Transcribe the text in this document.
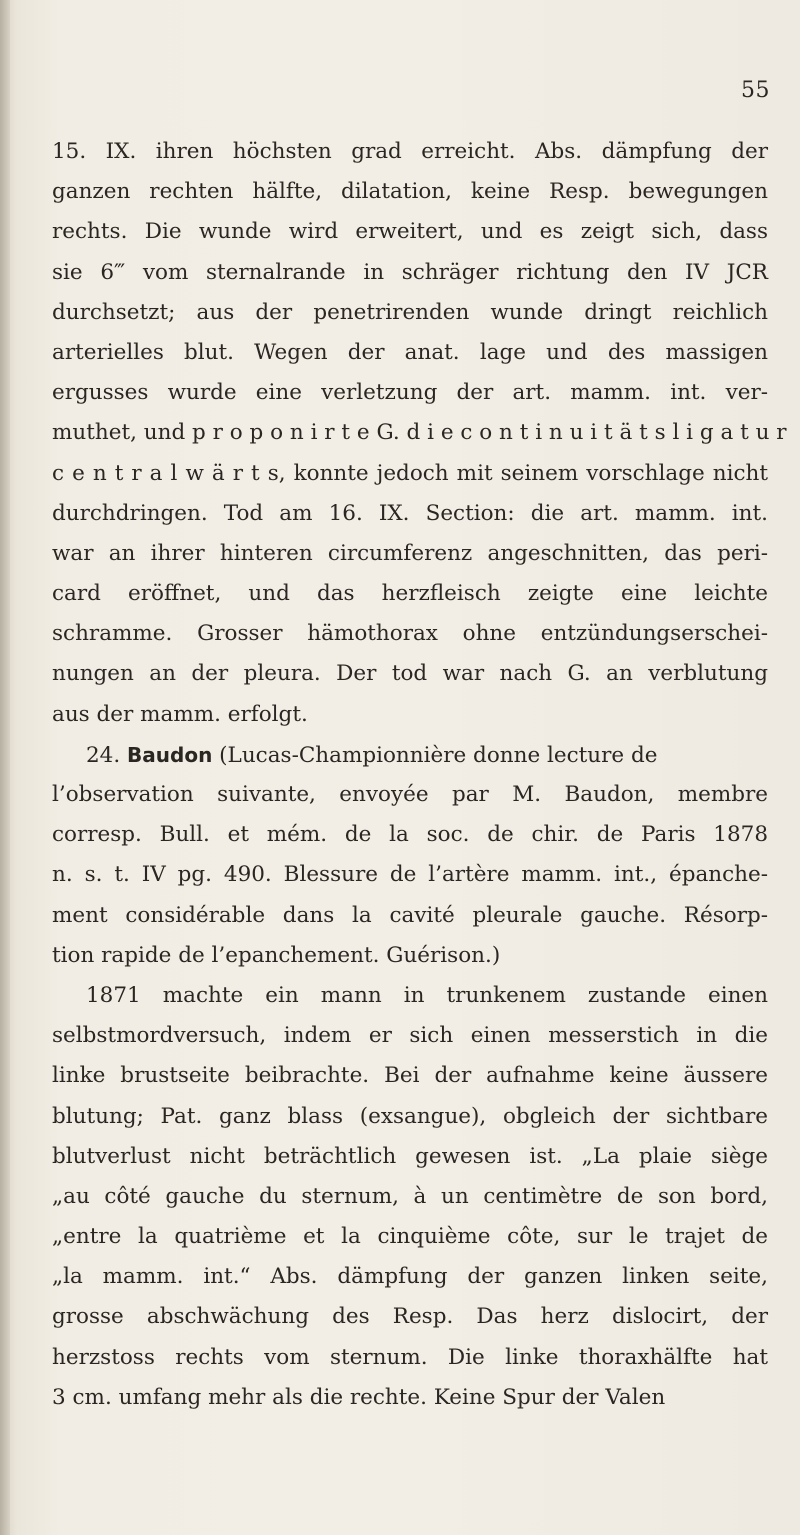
55
15. IX. ihren höchsten grad erreicht. Abs. dämpfung der
ganzen rechten hälfte, dilatation, keine Resp. bewegungen
rechts. Die wunde wird erweitert, und es zeigt sich, dass
sie 6‴ vom sternalrande in schräger richtung den IV JCR
durchsetzt; aus der penetrirenden wunde dringt reichlich
arterielles blut. Wegen der anat. lage und des massigen
ergusses wurde eine verletzung der art. mamm. int. ver-
muthet, und p r o p o n i r t e G. d i e c o n t i n u i t ä t s l i g a t u r
c e n t r a l w ä r t s, konnte jedoch mit seinem vorschlage nicht
durchdringen. Tod am 16. IX. Section: die art. mamm. int.
war an ihrer hinteren circumferenz angeschnitten, das peri-
card eröffnet, und das herzfleisch zeigte eine leichte
schramme. Grosser hämothorax ohne entzündungserschei-
nungen an der pleura. Der tod war nach G. an verblutung
aus der mamm. erfolgt.
24. Baudon (Lucas-Championnière donne lecture de
l’observation suivante, envoyée par M. Baudon, membre
corresp. Bull. et mém. de la soc. de chir. de Paris 1878
n. s. t. IV pg. 490. Blessure de l’artère mamm. int., épanche-
ment considérable dans la cavité pleurale gauche. Résorp-
tion rapide de l’epanchement. Guérison.)
1871 machte ein mann in trunkenem zustande einen
selbstmordversuch, indem er sich einen messerstich in die
linke brustseite beibrachte. Bei der aufnahme keine äussere
blutung; Pat. ganz blass (exsangue), obgleich der sichtbare
blutverlust nicht beträchtlich gewesen ist. „La plaie siège
„au côté gauche du sternum, à un centimètre de son bord,
„entre la quatrième et la cinquième côte, sur le trajet de
„la mamm. int.“ Abs. dämpfung der ganzen linken seite,
grosse abschwächung des Resp. Das herz dislocirt, der
herzstoss rechts vom sternum. Die linke thoraxhälfte hat
3 cm. umfang mehr als die rechte. Keine Spur der Valen
